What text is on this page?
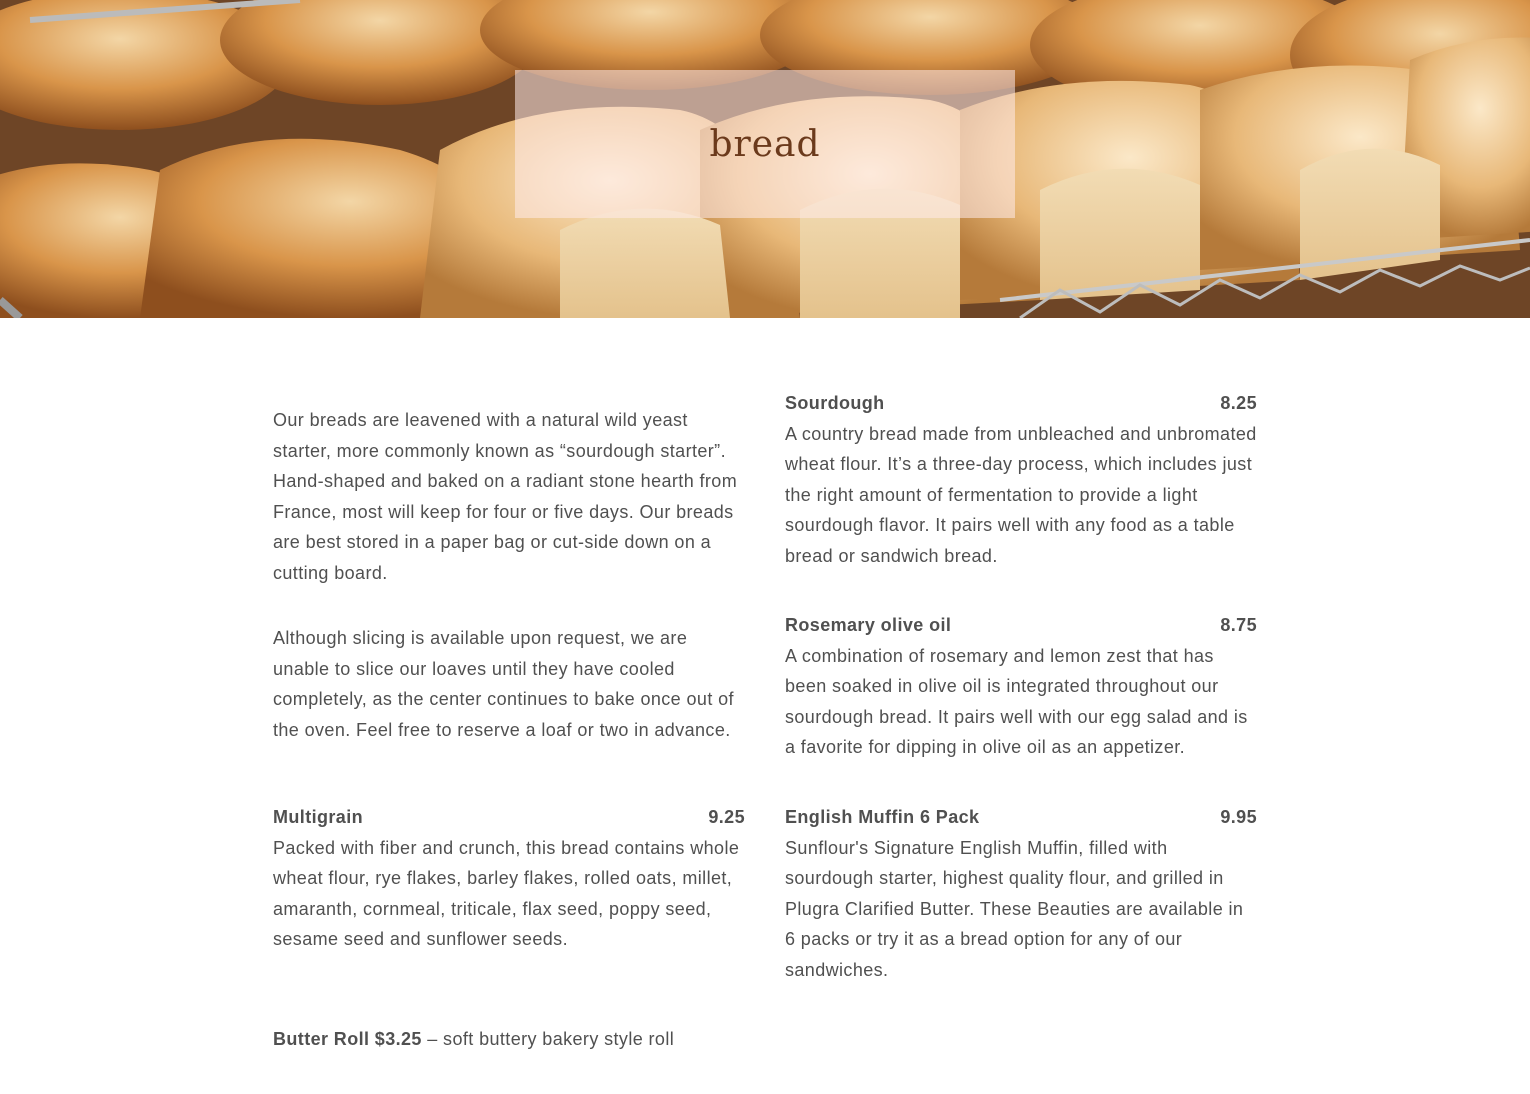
bread

Our breads are leavened with a natural wild yeast starter, more commonly known as “sourdough starter”. Hand-shaped and baked on a radiant stone hearth from France, most will keep for four or five days. Our breads are best stored in a paper bag or cut-side down on a cutting board.

Although slicing is available upon request, we are unable to slice our loaves until they have cooled completely, as the center continues to bake once out of the oven. Feel free to reserve a loaf or two in advance.

Multigrain	9.25

Packed with fiber and crunch, this bread contains whole wheat flour, rye flakes, barley flakes, rolled oats, millet, amaranth, cornmeal, triticale, flax seed, poppy seed, sesame seed and sunflower seeds.

Butter Roll $3.25 – soft buttery bakery style roll

Sourdough	8.25

A country bread made from unbleached and unbromated wheat flour. It’s a three-day process, which includes just the right amount of fermentation to provide a light sourdough flavor. It pairs well with any food as a table bread or sandwich bread.

Rosemary olive oil	8.75

A combination of rosemary and lemon zest that has been soaked in olive oil is integrated throughout our sourdough bread. It pairs well with our egg salad and is a favorite for dipping in olive oil as an appetizer.

English Muffin 6 Pack	9.95

Sunflour's Signature English Muffin, filled with sourdough starter, highest quality flour, and grilled in Plugra Clarified Butter. These Beauties are available in 6 packs or try it as a bread option for any of our sandwiches.
